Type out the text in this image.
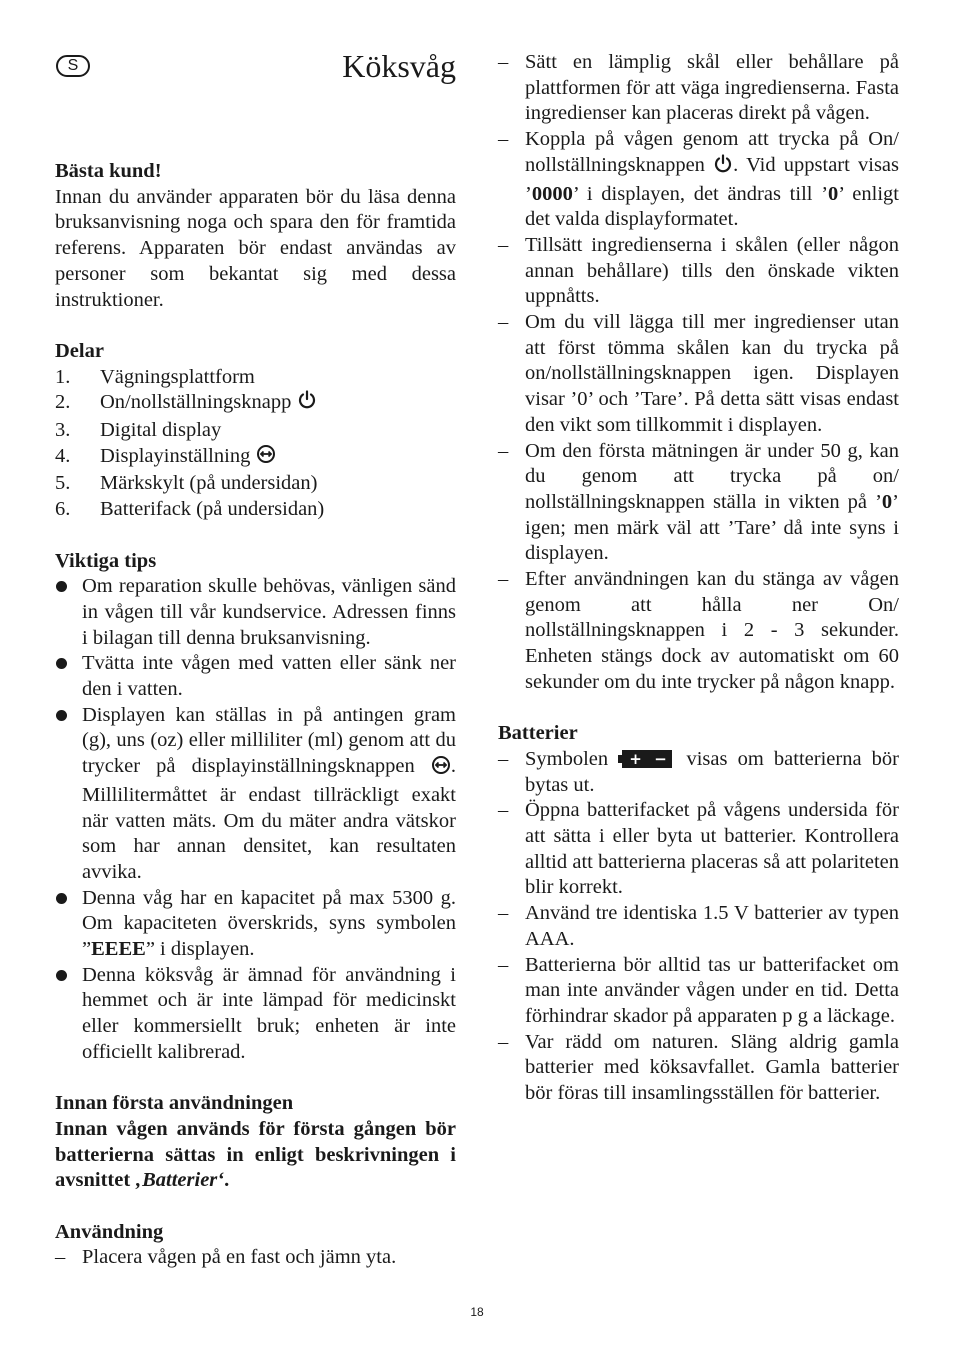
S	Köksvåg

Bästa kund!

Innan du använder apparaten bör du läsa denna bruksanvisning noga och spara den för framtida referens. Apparaten bör endast användas av personer som bekantat sig med dessa instruktioner.

Delar

1.	Vägningsplattform
2.	On/nollställningsknapp
3.	Digital display
4.	Displayinställning
5.	Märkskylt (på undersidan)
6.	Batterifack (på undersidan)

Viktiga tips

Om reparation skulle behövas, vänligen sänd in vågen till vår kundservice. Adressen finns i bilagan till denna bruksanvisning.
Tvätta inte vågen med vatten eller sänk ner den i vatten.
Displayen kan ställas in på antingen gram (g), uns (oz) eller milliliter (ml) genom att du trycker på displayinställningsknappen . Millilitermåttet är endast tillräckligt exakt när vatten mäts. Om du mäter andra vätskor som har annan densitet, kan resultaten avvika.
Denna våg har en kapacitet på max 5300 g. Om kapaciteten överskrids, syns symbolen ”EEEE” i displayen.
Denna köksvåg är ämnad för användning i hemmet och är inte lämpad för medicinskt eller kommersiellt bruk; enheten är inte officiellt kalibrerad.

Innan första användningen

Innan vågen används för första gången bör batterierna sättas in enligt beskrivningen i avsnittet ‚Batterier‘.

Användning

– Placera vågen på en fast och jämn yta.
– Sätt en lämplig skål eller behållare på plattformen för att väga ingredienserna. Fasta ingredienser kan placeras direkt på vågen.
– Koppla på vågen genom att trycka på On/ nollställningsknappen . Vid uppstart visas ’0000’ i displayen, det ändras till ’0’ enligt det valda displayformatet.
– Tillsätt ingredienserna i skålen (eller någon annan behållare) tills den önskade vikten uppnåtts.
– Om du vill lägga till mer ingredienser utan att först tömma skålen kan du trycka på on/nollställningsknappen igen. Displayen visar ’0’ och ’Tare’. På detta sätt visas endast den vikt som tillkommit i displayen.
– Om den första mätningen är under 50 g, kan du genom att trycka på on/ nollställningsknappen ställa in vikten på ’0’ igen; men märk väl att ’Tare’ då inte syns i displayen.
– Efter användningen kan du stänga av vågen genom att hålla ner On/ nollställningsknappen i 2 - 3 sekunder. Enheten stängs dock av automatiskt om 60 sekunder om du inte trycker på någon knapp.

Batterier

– Symbolen + − visas om batterierna bör bytas ut.
– Öppna batterifacket på vågens undersida för att sätta i eller byta ut batterier. Kontrollera alltid att batterierna placeras så att polariteten blir korrekt.
– Använd tre identiska 1.5 V batterier av typen AAA.
– Batterierna bör alltid tas ur batterifacket om man inte använder vågen under en tid. Detta förhindrar skador på apparaten p g a läckage.
– Var rädd om naturen. Släng aldrig gamla batterier med köksavfallet. Gamla batterier bör föras till insamlingsställen för batterier.
18
